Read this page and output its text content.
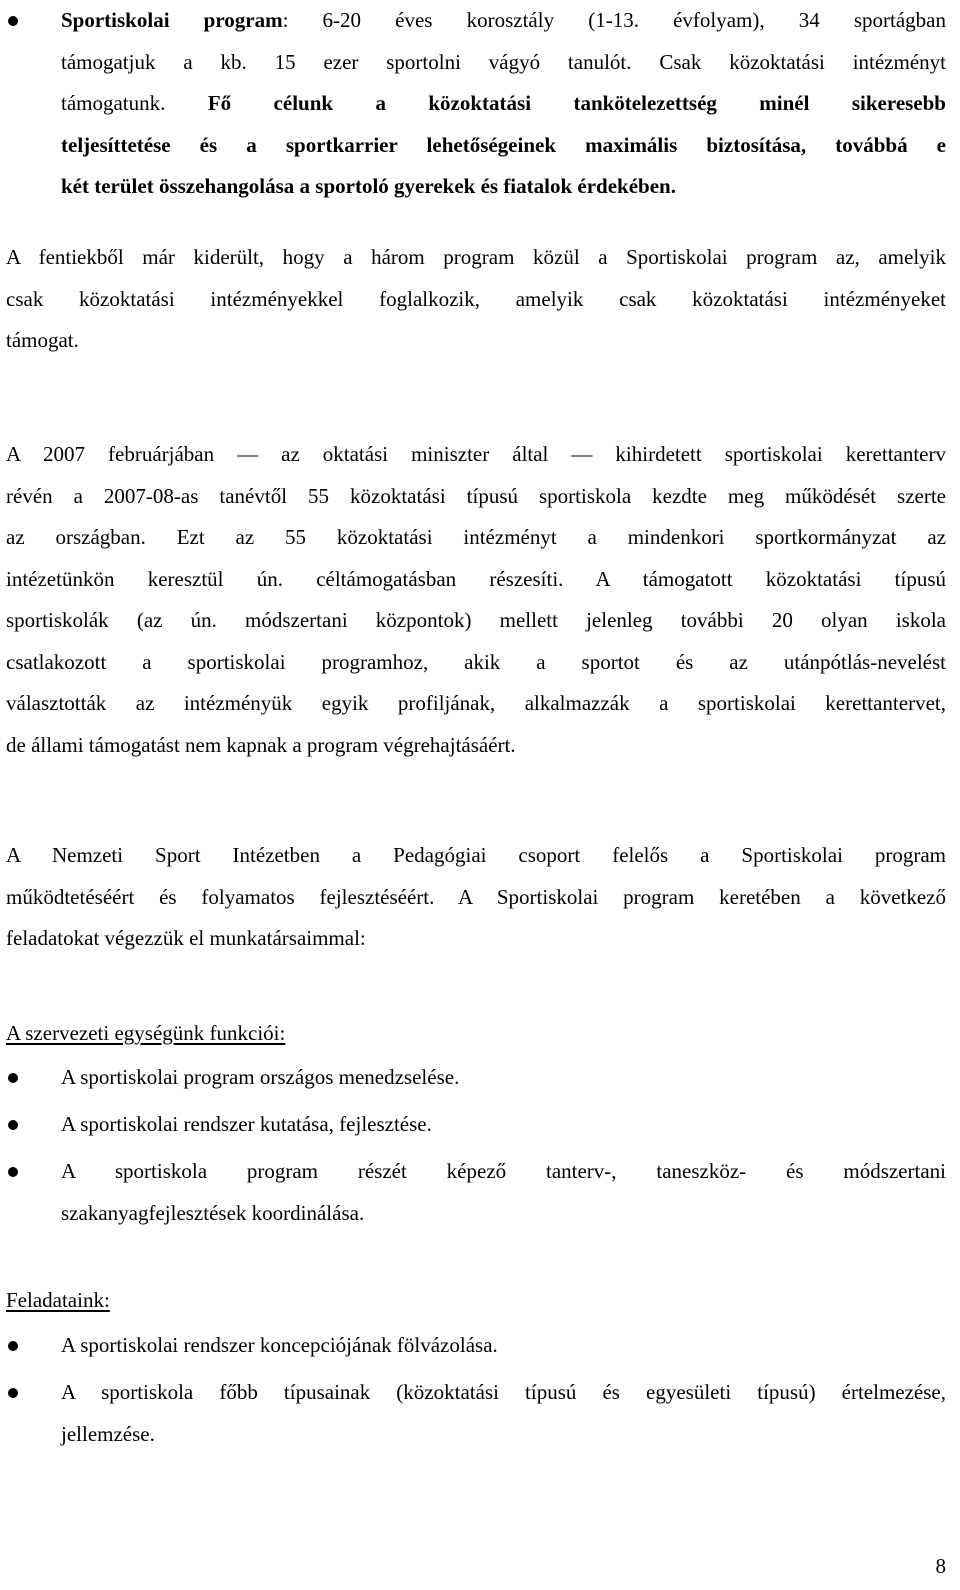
Sportiskolai program: 6-20 éves korosztály (1-13. évfolyam), 34 sportágban

támogatjuk a kb. 15 ezer sportolni vágyó tanulót. Csak közoktatási intézményt

támogatunk. Fő célunk a közoktatási tankötelezettség minél sikeresebb

teljesíttetése és a sportkarrier lehetőségeinek maximális biztosítása, továbbá e

két terület összehangolása a sportoló gyerekek és fiatalok érdekében.

A fentiekből már kiderült, hogy a három program közül a Sportiskolai program az, amelyik

csak közoktatási intézményekkel foglalkozik, amelyik csak közoktatási intézményeket

támogat.

A 2007 februárjában — az oktatási miniszter által — kihirdetett sportiskolai kerettanterv

révén a 2007-08-as tanévtől 55 közoktatási típusú sportiskola kezdte meg működését szerte

az országban. Ezt az 55 közoktatási intézményt a mindenkori sportkormányzat az

intézetünkön keresztül ún. céltámogatásban részesíti. A támogatott közoktatási típusú

sportiskolák (az ún. módszertani központok) mellett jelenleg további 20 olyan iskola

csatlakozott a sportiskolai programhoz, akik a sportot és az utánpótlás-nevelést

választották az intézményük egyik profiljának, alkalmazzák a sportiskolai kerettantervet,

de állami támogatást nem kapnak a program végrehajtásáért.

A Nemzeti Sport Intézetben a Pedagógiai csoport felelős a Sportiskolai program

működtetéséért és folyamatos fejlesztéséért. A Sportiskolai program keretében a következő

feladatokat végezzük el munkatársaimmal:

A szervezeti egységünk funkciói:

A sportiskolai program országos menedzselése.

A sportiskolai rendszer kutatása, fejlesztése.

A sportiskola program részét képező tanterv-, taneszköz- és módszertani

szakanyagfejlesztések koordinálása.

Feladataink:

A sportiskolai rendszer koncepciójának fölvázolása.

A sportiskola főbb típusainak (közoktatási típusú és egyesületi típusú) értelmezése,

jellemzése.

8
